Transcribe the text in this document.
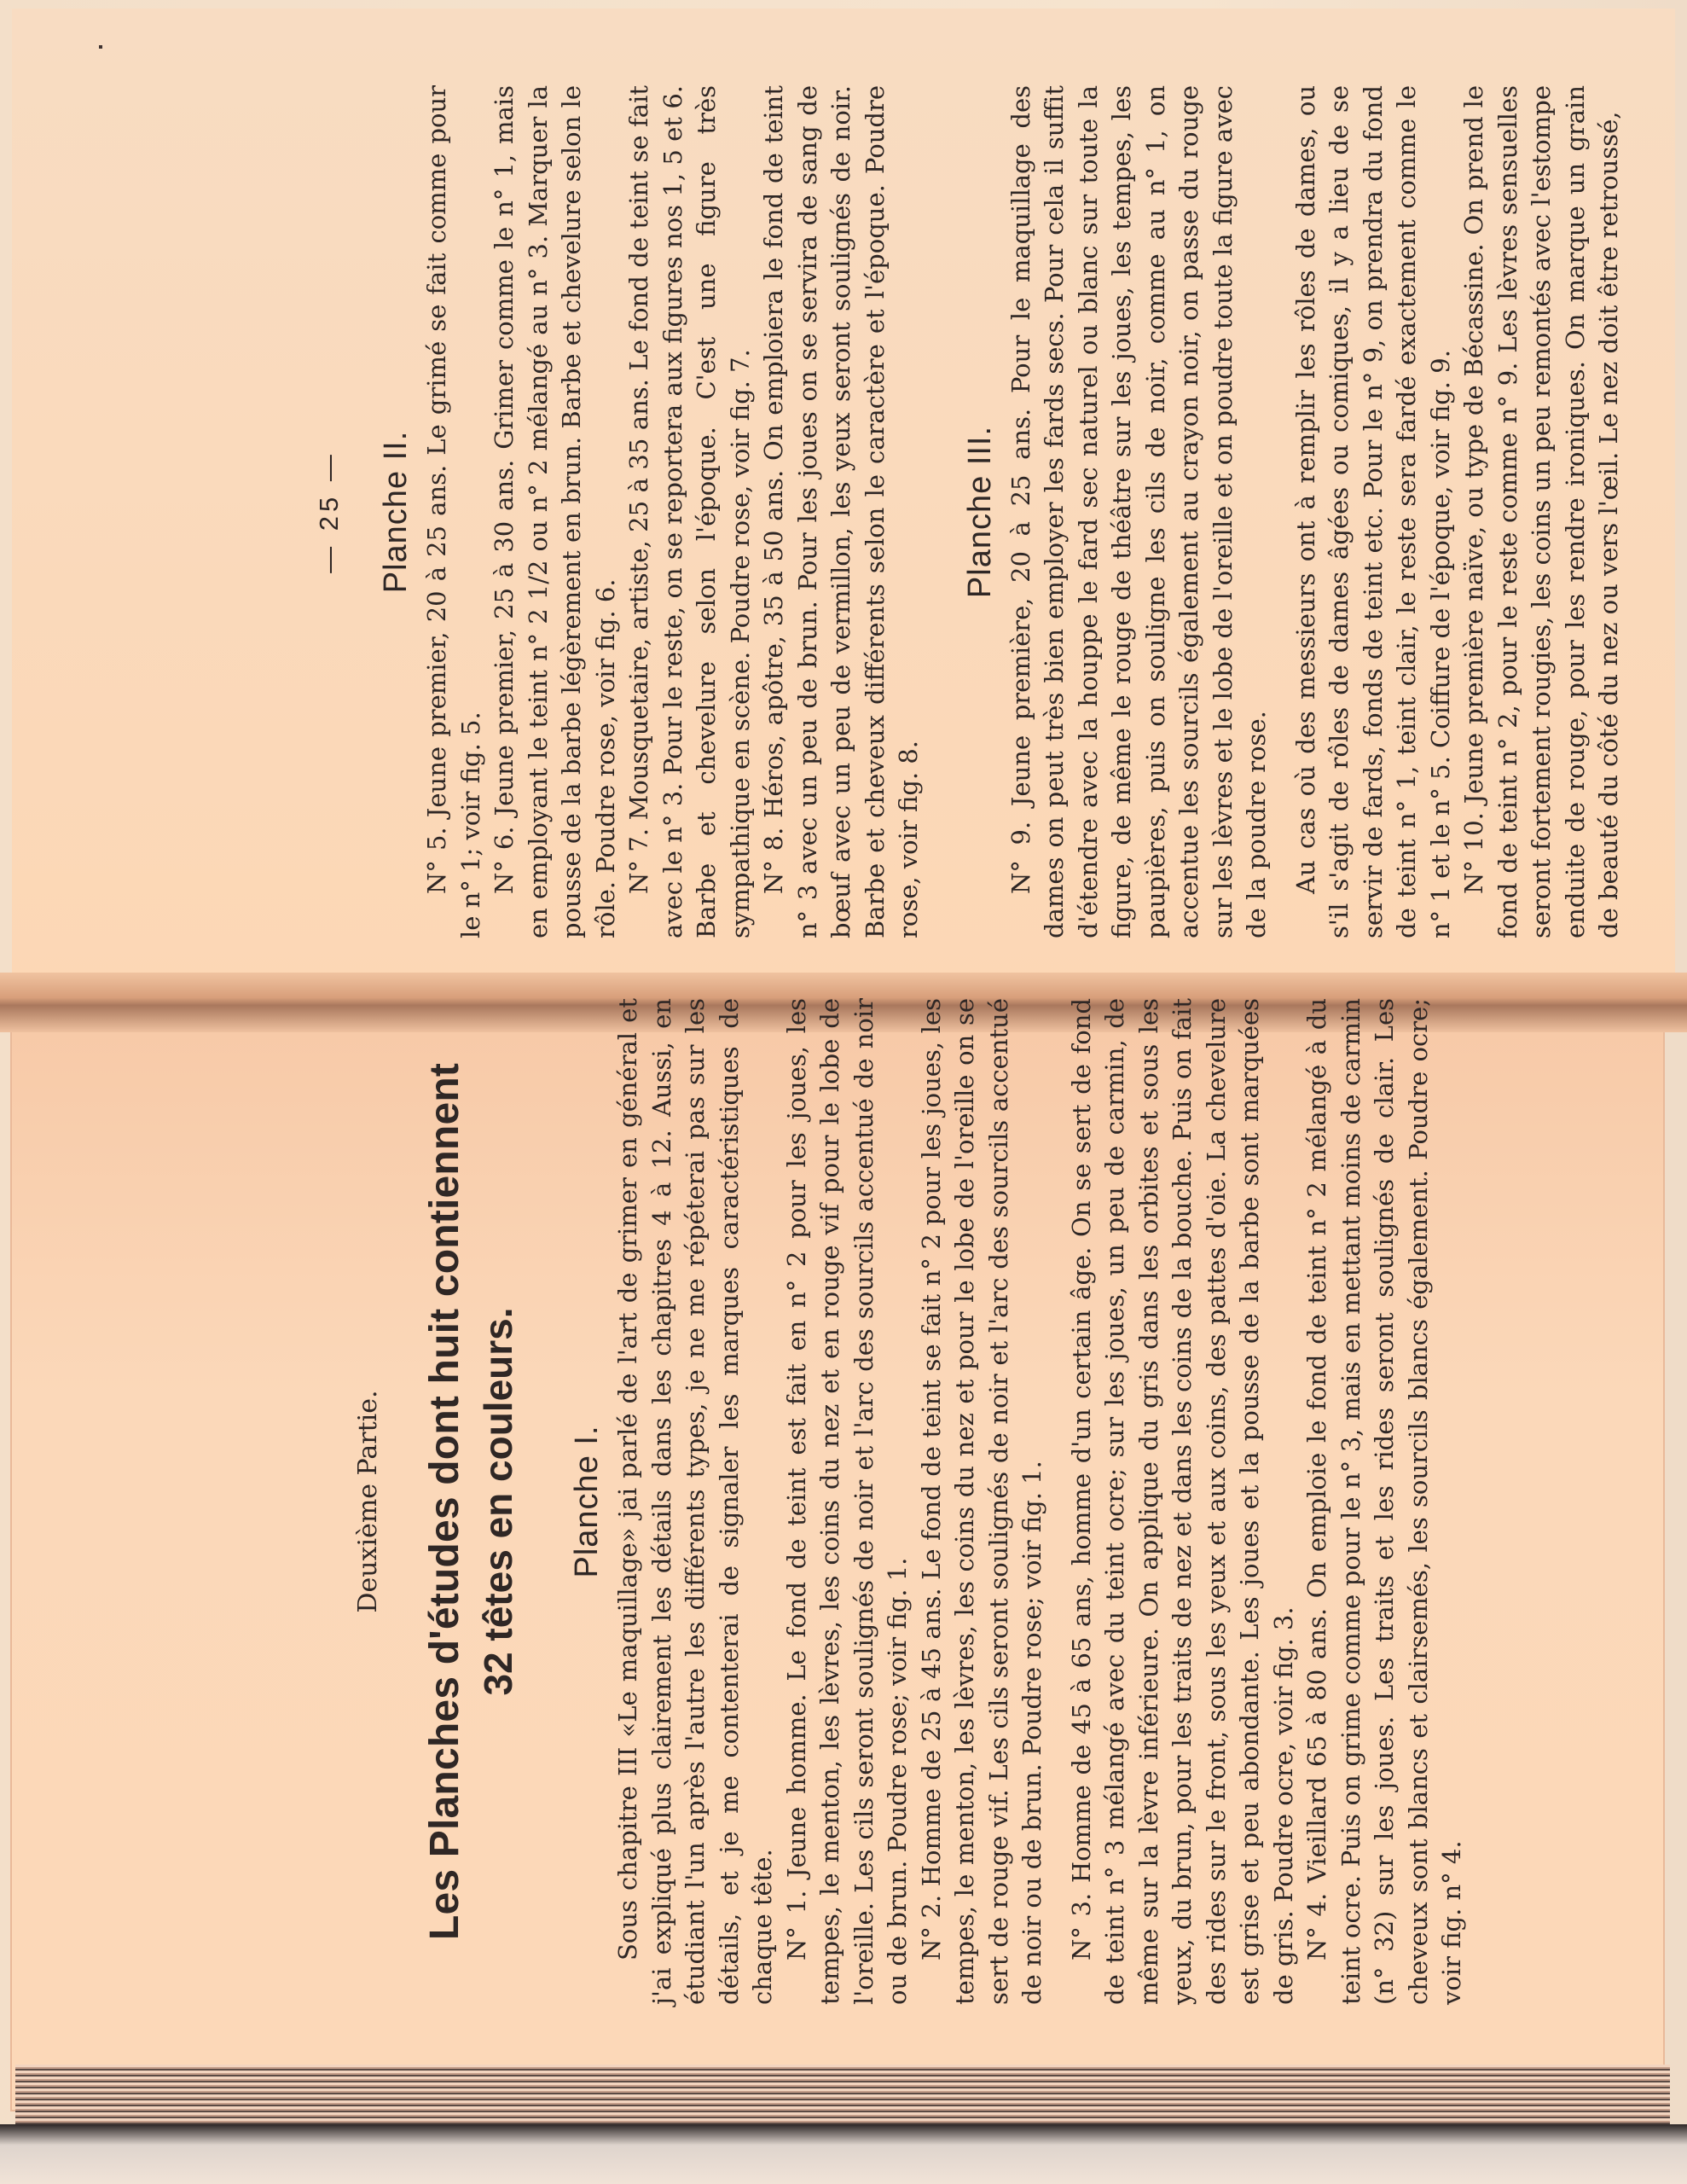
Deuxième Partie. Les Planches d'études dont huit contiennent 32 têtes en couleurs. Planche I. Sous chapitre III «Le maquillage» jai parlé de l'art de grimer en général et j'ai expliqué plus clairement les détails dans les chapitres 4 à 12. Aussi, en étudiant l'un après l'autre les différents types, je ne me répéterai pas sur les détails, et je me contenterai de signaler les marques caractéristiques de chaque tête. N° 1. Jeune homme. Le fond de teint est fait en n° 2 pour les joues, les tempes, le menton, les lèvres, les coins du nez et en rouge vif pour le lobe de l'oreille. Les cils seront soulignés de noir et l'arc des sourcils accentué de noir ou de brun. Poudre rose; voir fig. 1. N° 2. Homme de 25 à 45 ans. Le fond de teint se fait n° 2 pour les joues, les tempes, le menton, les lèvres, les coins du nez et pour le lobe de l'oreille on se sert de rouge vif. Les cils seront soulignés de noir et l'arc des sourcils accentué de noir ou de brun. Poudre rose; voir fig. 1. N° 3. Homme de 45 à 65 ans, homme d'un certain âge. On se sert de fond de teint n° 3 mélangé avec du teint ocre; sur les joues, un peu de carmin, de même sur la lèvre inférieure. On applique du gris dans les orbites et sous les yeux, du brun, pour les traits de nez et dans les coins de la bouche. Puis on fait des rides sur le front, sous les yeux et aux coins, des pattes d'oie. La chevelure est grise et peu abondante. Les joues et la pousse de la barbe sont marquées de gris. Poudre ocre, voir fig. 3. N° 4. Vieillard 65 à 80 ans. On emploie le fond de teint n° 2 mélangé à du teint ocre. Puis on grime comme pour le n° 3, mais en mettant moins de carmin (n° 32) sur les joues. Les traits et les rides seront soulignés de clair. Les cheveux sont blancs et clairsemés, les sourcils blancs également. Poudre ocre; voir fig. n° 4.

— 25 — Planche II. N° 5. Jeune premier, 20 à 25 ans. Le grimé se fait comme pour le n° 1; voir fig. 5. N° 6. Jeune premier, 25 à 30 ans. Grimer comme le n° 1, mais en employant le teint n° 2 1/2 ou n° 2 mélangé au n° 3. Marquer la pousse de la barbe légèrement en brun. Barbe et chevelure selon le rôle. Poudre rose, voir fig. 6. N° 7. Mousquetaire, artiste, 25 à 35 ans. Le fond de teint se fait avec le n° 3. Pour le reste, on se reportera aux figures nos 1, 5 et 6. Barbe et chevelure selon l'époque. C'est une figure très sympathique en scène. Poudre rose, voir fig. 7. N° 8. Héros, apôtre, 35 à 50 ans. On emploiera le fond de teint n° 3 avec un peu de brun. Pour les joues on se servira de sang de bœuf avec un peu de vermillon, les yeux seront soulignés de noir. Barbe et cheveux différents selon le caractère et l'époque. Poudre rose, voir fig. 8.

Planche III. N° 9. Jeune première, 20 à 25 ans. Pour le maquillage des dames on peut très bien employer les fards secs. Pour cela il suffit d'étendre avec la houppe le fard sec naturel ou blanc sur toute la figure, de même le rouge de théâtre sur les joues, les tempes, les paupières, puis on souligne les cils de noir, comme au n° 1, on accentue les sourcils également au crayon noir, on passe du rouge sur les lèvres et le lobe de l'oreille et on poudre toute la figure avec de la poudre rose. Au cas où des messieurs ont à remplir les rôles de dames, ou s'il s'agit de rôles de dames âgées ou comiques, il y a lieu de se servir de fards, fonds de teint etc. Pour le n° 9, on prendra du fond de teint n° 1, teint clair, le reste sera fardé exactement comme le n° 1 et le n° 5. Coiffure de l'époque, voir fig. 9. N° 10. Jeune première naïve, ou type de Bécassine. On prend le fond de teint n° 2, pour le reste comme n° 9. Les lèvres sensuelles seront fortement rougies, les coins un peu remontés avec l'estompe enduite de rouge, pour les rendre ironiques. On marque un grain de beauté du côté du nez ou vers l'œil. Le nez doit être retroussé,
